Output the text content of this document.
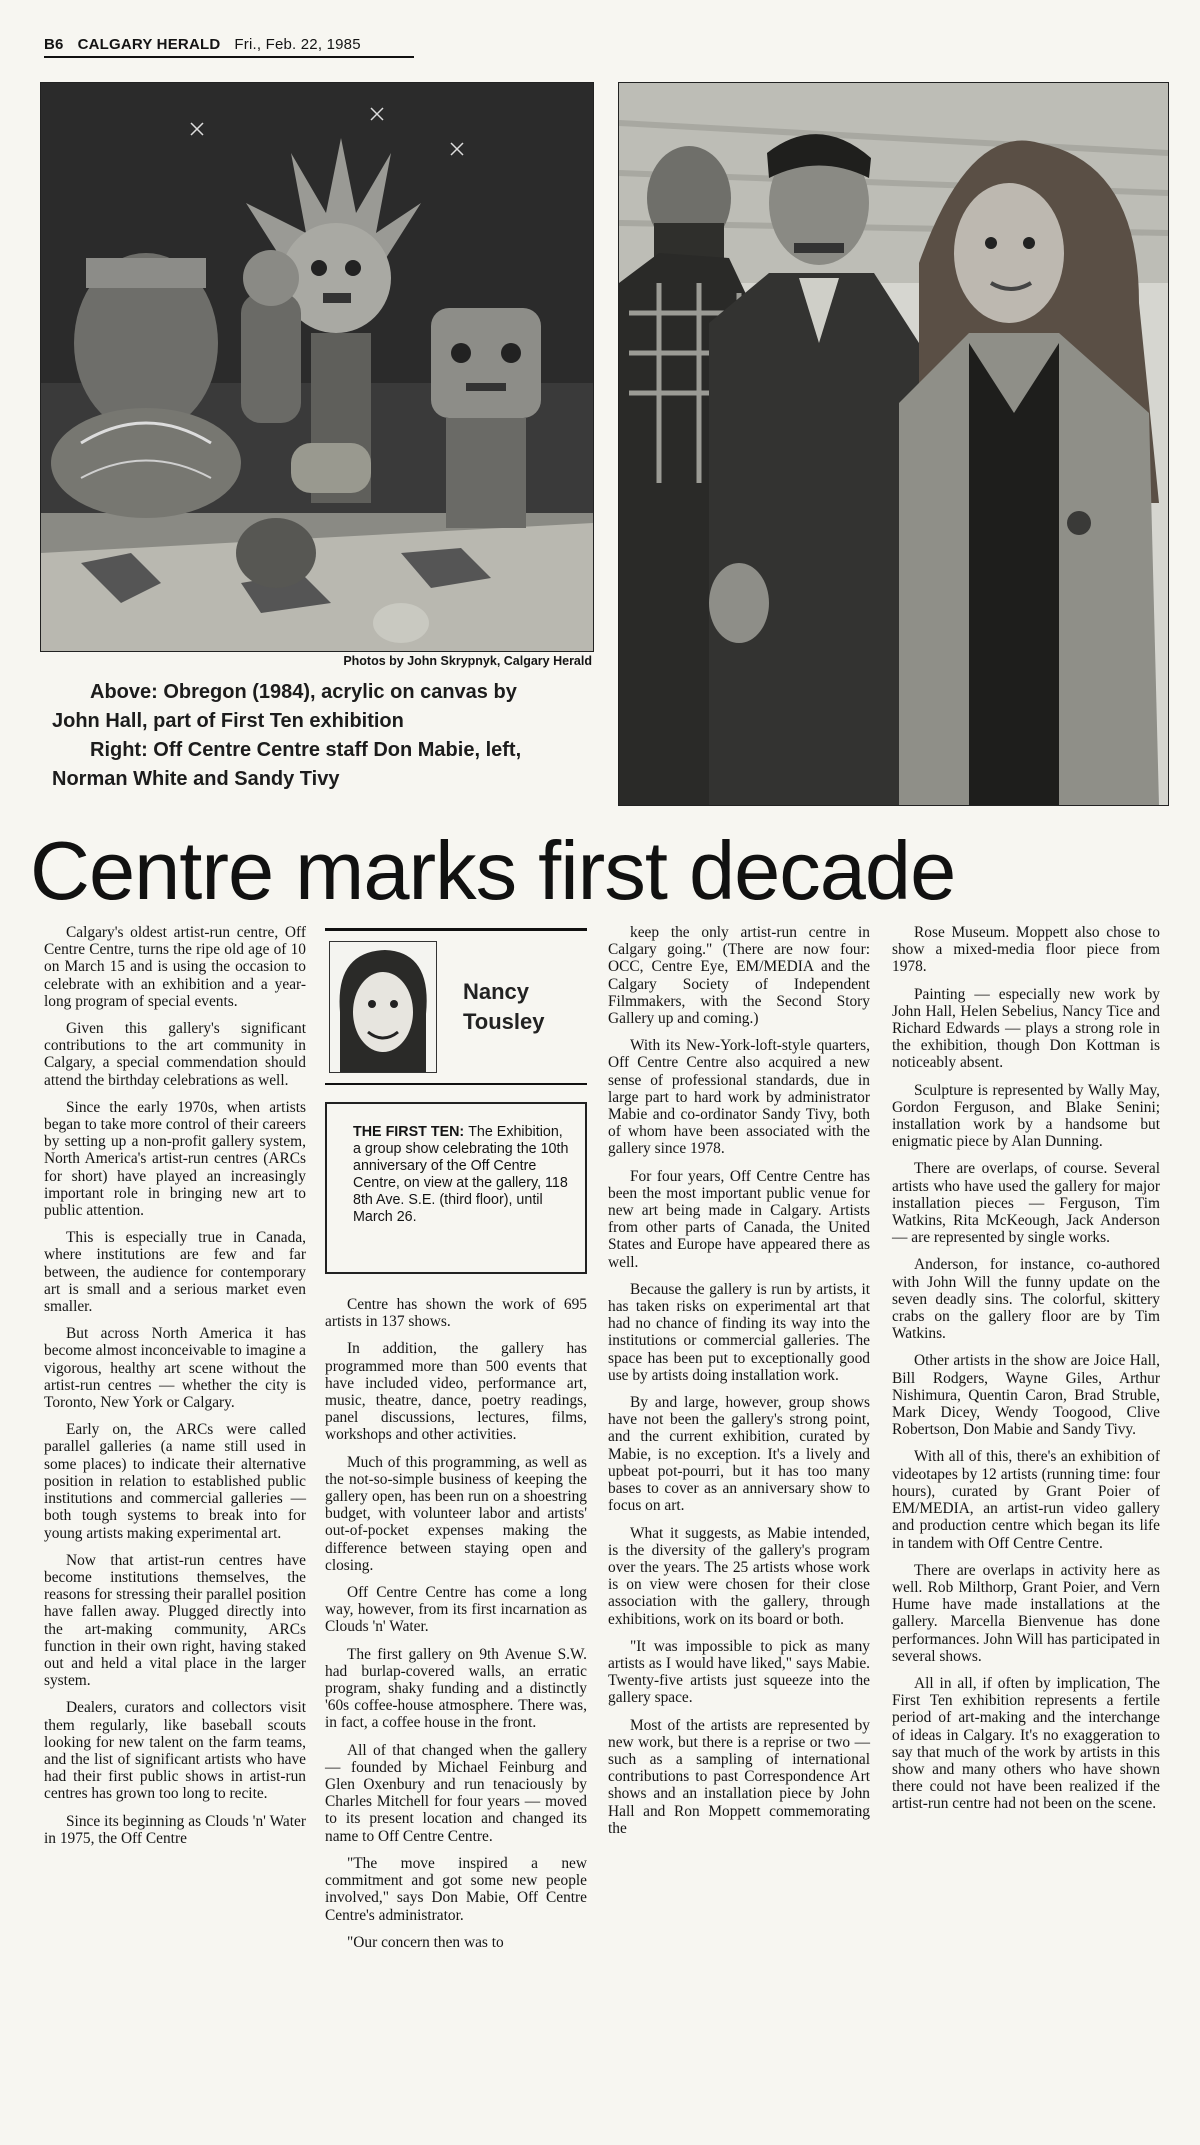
B6 CALGARY HERALD Fri., Feb. 22, 1985
Photos by John Skrypnyk, Calgary Herald

Above: Obregon (1984), acrylic on canvas by

John Hall, part of First Ten exhibition

Right: Off Centre Centre staff Don Mabie, left,

Norman White and Sandy Tivy

Centre marks first decade

Calgary's oldest artist-run centre, Off Centre Centre, turns the ripe old age of 10 on March 15 and is using the occasion to celebrate with an exhibition and a year-long program of special events.

Given this gallery's significant contributions to the art community in Calgary, a special commendation should attend the birthday celebrations as well.

Since the early 1970s, when artists began to take more control of their careers by setting up a non-profit gallery system, North America's artist-run centres (ARCs for short) have played an increasingly important role in bringing new art to public attention.

This is especially true in Canada, where institutions are few and far between, the audience for contemporary art is small and a serious market even smaller.

But across North America it has become almost inconceivable to imagine a vigorous, healthy art scene without the artist-run centres — whether the city is Toronto, New York or Calgary.

Early on, the ARCs were called parallel galleries (a name still used in some places) to indicate their alternative position in relation to established public institutions and commercial galleries — both tough systems to break into for young artists making experimental art.

Now that artist-run centres have become institutions themselves, the reasons for stressing their parallel position have fallen away. Plugged directly into the art-making community, ARCs function in their own right, having staked out and held a vital place in the larger system.

Dealers, curators and collectors visit them regularly, like baseball scouts looking for new talent on the farm teams, and the list of significant artists who have had their first public shows in artist-run centres has grown too long to recite.

Since its beginning as Clouds 'n' Water in 1975, the Off Centre

Nancy
Tousley
THE FIRST TEN: The Exhibition, a group show celebrating the 10th anniversary of the Off Centre Centre, on view at the gallery, 118 8th Ave. S.E. (third floor), until March 26.

Centre has shown the work of 695 artists in 137 shows.

In addition, the gallery has programmed more than 500 events that have included video, performance art, music, theatre, dance, poetry readings, panel discussions, lectures, films, workshops and other activities.

Much of this programming, as well as the not-so-simple business of keeping the gallery open, has been run on a shoestring budget, with volunteer labor and artists' out-of-pocket expenses making the difference between staying open and closing.

Off Centre Centre has come a long way, however, from its first incarnation as Clouds 'n' Water.

The first gallery on 9th Avenue S.W. had burlap-covered walls, an erratic program, shaky funding and a distinctly '60s coffee-house atmosphere. There was, in fact, a coffee house in the front.

All of that changed when the gallery — founded by Michael Feinburg and Glen Oxenbury and run tenaciously by Charles Mitchell for four years — moved to its present location and changed its name to Off Centre Centre.

"The move inspired a new commitment and got some new people involved," says Don Mabie, Off Centre Centre's administrator.

"Our concern then was to

keep the only artist-run centre in Calgary going." (There are now four: OCC, Centre Eye, EM/MEDIA and the Calgary Society of Independent Filmmakers, with the Second Story Gallery up and coming.)

With its New-York-loft-style quarters, Off Centre Centre also acquired a new sense of professional standards, due in large part to hard work by administrator Mabie and co-ordinator Sandy Tivy, both of whom have been associated with the gallery since 1978.

For four years, Off Centre Centre has been the most important public venue for new art being made in Calgary. Artists from other parts of Canada, the United States and Europe have appeared there as well.

Because the gallery is run by artists, it has taken risks on experimental art that had no chance of finding its way into the institutions or commercial galleries. The space has been put to exceptionally good use by artists doing installation work.

By and large, however, group shows have not been the gallery's strong point, and the current exhibition, curated by Mabie, is no exception. It's a lively and upbeat pot-pourri, but it has too many bases to cover as an anniversary show to focus on art.

What it suggests, as Mabie intended, is the diversity of the gallery's program over the years. The 25 artists whose work is on view were chosen for their close association with the gallery, through exhibitions, work on its board or both.

"It was impossible to pick as many artists as I would have liked," says Mabie. Twenty-five artists just squeeze into the gallery space.

Most of the artists are represented by new work, but there is a reprise or two — such as a sampling of international contributions to past Correspondence Art shows and an installation piece by John Hall and Ron Moppett commemorating the

Rose Museum. Moppett also chose to show a mixed-media floor piece from 1978.

Painting — especially new work by John Hall, Helen Sebelius, Nancy Tice and Richard Edwards — plays a strong role in the exhibition, though Don Kottman is noticeably absent.

Sculpture is represented by Wally May, Gordon Ferguson, and Blake Senini; installation work by a handsome but enigmatic piece by Alan Dunning.

There are overlaps, of course. Several artists who have used the gallery for major installation pieces — Ferguson, Tim Watkins, Rita McKeough, Jack Anderson — are represented by single works.

Anderson, for instance, co-authored with John Will the funny update on the seven deadly sins. The colorful, skittery crabs on the gallery floor are by Tim Watkins.

Other artists in the show are Joice Hall, Bill Rodgers, Wayne Giles, Arthur Nishimura, Quentin Caron, Brad Struble, Mark Dicey, Wendy Toogood, Clive Robertson, Don Mabie and Sandy Tivy.

With all of this, there's an exhibition of videotapes by 12 artists (running time: four hours), curated by Grant Poier of EM/MEDIA, an artist-run video gallery and production centre which began its life in tandem with Off Centre Centre.

There are overlaps in activity here as well. Rob Milthorp, Grant Poier, and Vern Hume have made installations at the gallery. Marcella Bienvenue has done performances. John Will has participated in several shows.

All in all, if often by implication, The First Ten exhibition represents a fertile period of art-making and the interchange of ideas in Calgary. It's no exaggeration to say that much of the work by artists in this show and many others who have shown there could not have been realized if the artist-run centre had not been on the scene.
